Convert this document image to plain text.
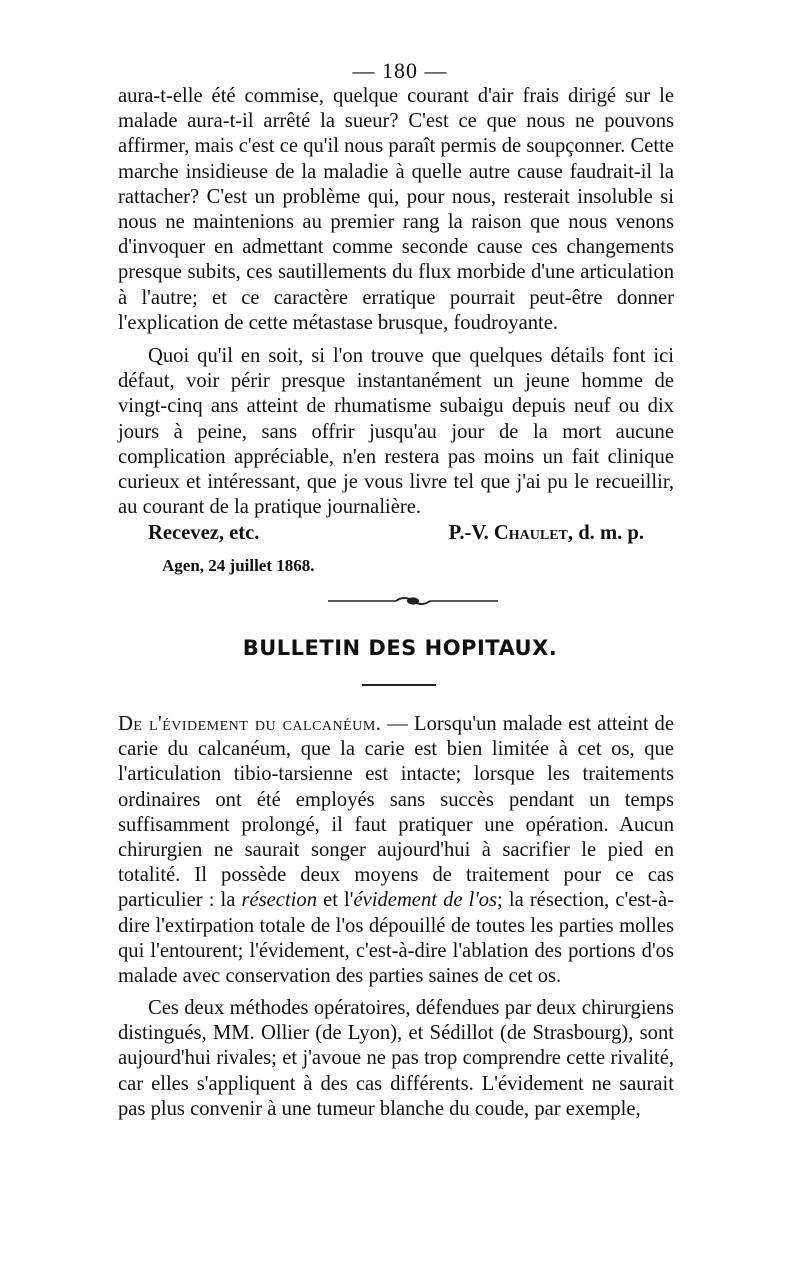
— 180 —

aura-t-elle été commise, quelque courant d'air frais dirigé sur le malade aura-t-il arrêté la sueur? C'est ce que nous ne pouvons affirmer, mais c'est ce qu'il nous paraît permis de soupçonner. Cette marche insidieuse de la maladie à quelle autre cause faudrait-il la rattacher? C'est un problème qui, pour nous, resterait insoluble si nous ne maintenions au premier rang la raison que nous venons d'invoquer en admettant comme seconde cause ces changements presque subits, ces sautillements du flux morbide d'une articulation à l'autre; et ce caractère erratique pourrait peut-être donner l'explication de cette métastase brusque, foudroyante.

Quoi qu'il en soit, si l'on trouve que quelques détails font ici défaut, voir périr presque instantanément un jeune homme de vingt-cinq ans atteint de rhumatisme subaigu depuis neuf ou dix jours à peine, sans offrir jusqu'au jour de la mort aucune complication appréciable, n'en restera pas moins un fait clinique curieux et intéressant, que je vous livre tel que j'ai pu le recueillir, au courant de la pratique journalière.

Recevez, etc.	P.-V. Chaulet, d. m. p.
Agen, 24 juillet 1868.
BULLETIN DES HOPITAUX.

De l'évidement du calcanéum. — Lorsqu'un malade est atteint de carie du calcanéum, que la carie est bien limitée à cet os, que l'articulation tibio-tarsienne est intacte; lorsque les traitements ordinaires ont été employés sans succès pendant un temps suffisamment prolongé, il faut pratiquer une opération. Aucun chirurgien ne saurait songer aujourd'hui à sacrifier le pied en totalité. Il possède deux moyens de traitement pour ce cas particulier : la résection et l'évidement de l'os; la résection, c'est-à-dire l'extirpation totale de l'os dépouillé de toutes les parties molles qui l'entourent; l'évidement, c'est-à-dire l'ablation des portions d'os malade avec conservation des parties saines de cet os.

Ces deux méthodes opératoires, défendues par deux chirurgiens distingués, MM. Ollier (de Lyon), et Sédillot (de Strasbourg), sont aujourd'hui rivales; et j'avoue ne pas trop comprendre cette rivalité, car elles s'appliquent à des cas différents. L'évidement ne saurait pas plus convenir à une tumeur blanche du coude, par exemple,
